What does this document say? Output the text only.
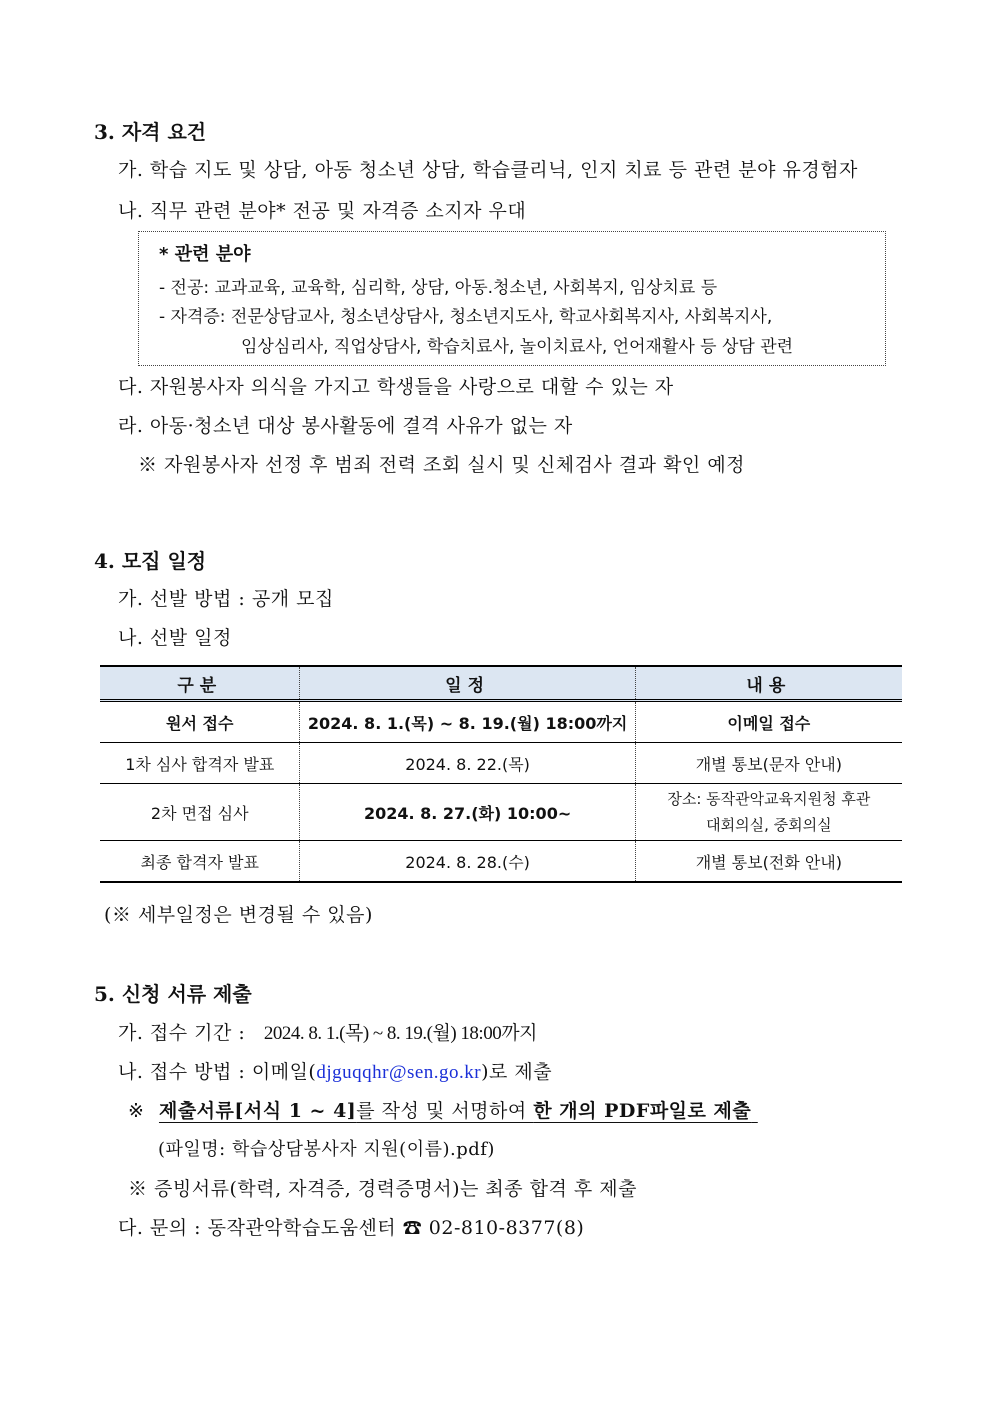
3. 자격 요건
가. 학습 지도 및 상담, 아동 청소년 상담, 학습클리닉, 인지 치료 등 관련 분야 유경험자
나. 직무 관련 분야* 전공 및 자격증 소지자 우대
* 관련 분야
- 전공: 교과교육, 교육학, 심리학, 상담, 아동.청소년, 사회복지, 임상치료 등
- 자격증: 전문상담교사, 청소년상담사, 청소년지도사, 학교사회복지사, 사회복지사,
임상심리사, 직업상담사, 학습치료사, 놀이치료사, 언어재활사 등 상담 관련
다. 자원봉사자 의식을 가지고 학생들을 사랑으로 대할 수 있는 자
라. 아동·청소년 대상 봉사활동에 결격 사유가 없는 자
※ 자원봉사자 선정 후 범죄 전력 조회 실시 및 신체검사 결과 확인 예정
4. 모집 일정
가. 선발 방법 : 공개 모집
나. 선발 일정
구분	일정	내용
원서 접수	2024. 8. 1.(목) ~ 8. 19.(월) 18:00까지	이메일 접수
1차 심사 합격자 발표	2024. 8. 22.(목)	개별 통보(문자 안내)
2차 면접 심사	2024. 8. 27.(화) 10:00~	장소: 동작관악교육지원청 후관
대회의실, 중회의실

최종 합격자 발표	2024. 8. 28.(수)	개별 통보(전화 안내)
(※ 세부일정은 변경될 수 있음)
5. 신청 서류 제출
가. 접수 기간 : 2024. 8. 1.(목) ~ 8. 19.(월) 18:00까지
나. 접수 방법 : 이메일(djguqqhr@sen.go.kr)로 제출
※ 제출서류[서식 1 ~ 4]를 작성 및 서명하여 한 개의 PDF파일로 제출
(파일명: 학습상담봉사자 지원(이름).pdf)
※ 증빙서류(학력, 자격증, 경력증명서)는 최종 합격 후 제출
다. 문의 : 동작관악학습도움센터 ☎ 02-810-8377(8)
